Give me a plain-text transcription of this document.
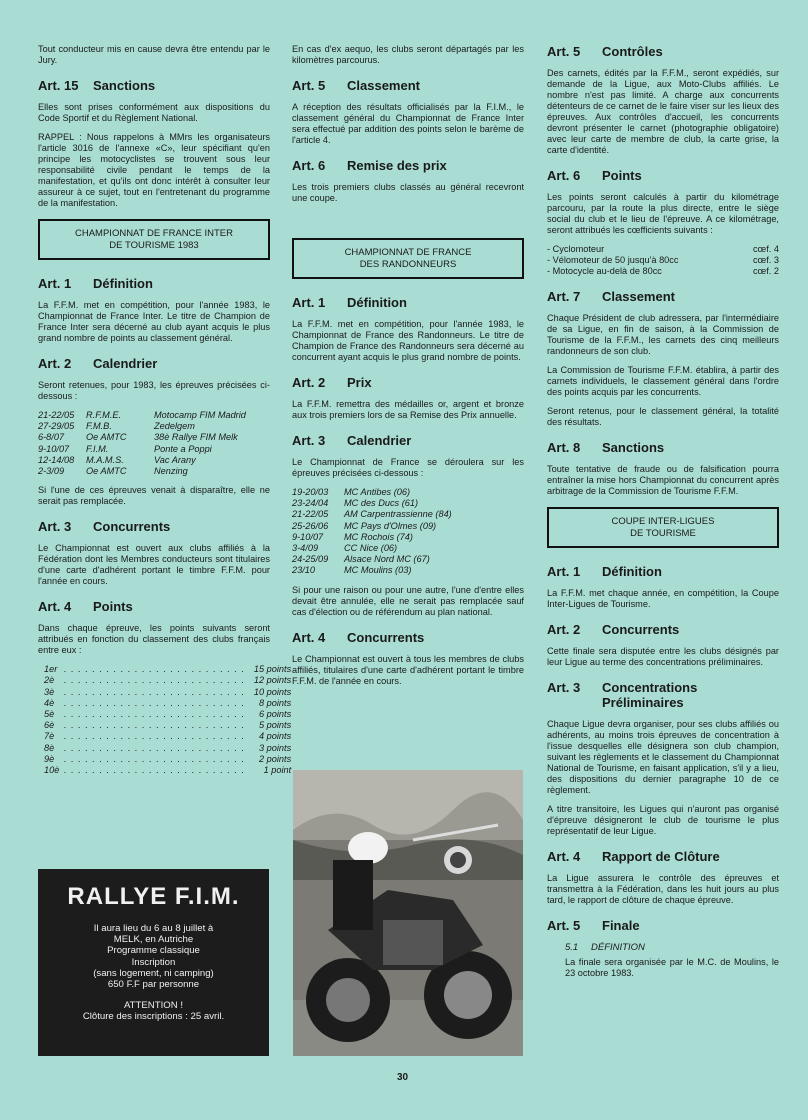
Tout conducteur mis en cause devra être entendu par le Jury.

Art. 15	Sanctions

Elles sont prises conformément aux dispositions du Code Sportif et du Règlement National.

RAPPEL : Nous rappelons à MMrs les organisateurs l'article 3016 de l'annexe «C», leur spécifiant qu'en principe les motocyclistes se trouvent sous leur responsabilité civile pendant le temps de la manifestation, et qu'ils ont donc intérêt à consulter leur assureur à ce sujet, tout en l'entretenant du programme de la manifestation.

CHAMPIONNAT DE FRANCE INTER
DE TOURISME 1983
Art. 1	Définition

La F.F.M. met en compétition, pour l'année 1983, le Championnat de France Inter. Le titre de Champion de France Inter sera décerné au club ayant acquis le plus grand nombre de points au classement général.

Art. 2	Calendrier

Seront retenues, pour 1983, les épreuves précisées ci-dessous :

21-22/05	R.F.M.E.	Motocamp FIM Madrid
27-29/05	F.M.B.	Zedelgem
6-8/07	Oe AMTC	38è Rallye FIM Melk
9-10/07	F.I.M.	Ponte a Poppi
12-14/08	M.A.M.S.	Vac Arany
2-3/09	Oe AMTC	Nenzing

Si l'une de ces épreuves venait à disparaître, elle ne serait pas remplacée.

Art. 3	Concurrents

Le Championnat est ouvert aux clubs affiliés à la Fédération dont les Membres conducteurs sont titulaires d'une carte d'adhérent portant le timbre F.F.M. pour l'année en cours.

Art. 4	Points

Dans chaque épreuve, les points suivants seront attribués en fonction du classement des clubs français entre eux :

1er . . . . . . . . . . . . . . . . . . . . . . . . . . 15 points
2è	. . . . . . . . . . . . . . . . . . . . . . . . . . 12 points
3è	. . . . . . . . . . . . . . . . . . . . . . . . . . 10 points
4è	. . . . . . . . . . . . . . . . . . . . . . . . . .	8 points
5è	. . . . . . . . . . . . . . . . . . . . . . . . . .	6 points
6è	. . . . . . . . . . . . . . . . . . . . . . . . . .	5 points
7è	. . . . . . . . . . . . . . . . . . . . . . . . . .	4 points
8è	. . . . . . . . . . . . . . . . . . . . . . . . . .	3 points
9è	. . . . . . . . . . . . . . . . . . . . . . . . . .	2 points
10è . . . . . . . . . . . . . . . . . . . . . . . . . .	1 point
RALLYE F.I.M.
Il aura lieu du 6 au 8 juillet à
MELK, en Autriche
Programme classique
Inscription
(sans logement, ni camping)
650 F.F par personne
ATTENTION !
Clôture des inscriptions : 25 avril.

En cas d'ex aequo, les clubs seront départagés par les kilomètres parcourus.

Art. 5	Classement

A réception des résultats officialisés par la F.I.M., le classement général du Championnat de France Inter sera effectué par addition des points selon le barème de l'article 4.

Art. 6	Remise des prix

Les trois premiers clubs classés au général recevront une coupe.

CHAMPIONNAT DE FRANCE
DES RANDONNEURS
Art. 1	Définition

La F.F.M. met en compétition, pour l'année 1983, le Championnat de France des Randonneurs. Le titre de Champion de France des Randonneurs sera décerné au concurrent ayant acquis le plus grand nombre de points.

Art. 2	Prix

La F.F.M. remettra des médailles or, argent et bronze aux trois premiers lors de sa Remise des Prix annuelle.

Art. 3	Calendrier

Le Championnat de France se déroulera sur les épreuves précisées ci-dessous :

19-20/03	MC Antibes (06)
23-24/04	MC des Ducs (61)
21-22/05	AM Carpentrassienne (84)
25-26/06	MC Pays d'Olmes (09)
9-10/07	MC Rochois (74)
3-4/09	CC Nice (06)
24-25/09	Alsace Nord MC (67)
23/10	MC Moulins (03)

Si pour une raison ou pour une autre, l'une d'entre elles devait être annulée, elle ne serait pas remplacée sauf cas d'élection ou de référendum au plan national.

Art. 4	Concurrents

Le Championnat est ouvert à tous les membres de clubs affiliés, titulaires d'une carte d'adhérent portant le timbre F.F.M. de l'année en cours.

Art. 5	Contrôles

Des carnets, édités par la F.F.M., seront expédiés, sur demande de la Ligue, aux Moto-Clubs affiliés. Le nombre n'est pas limité. A charge aux concurrents détenteurs de ce carnet de le faire viser sur les lieux des épreuves. Aux contrôles d'accueil, les concurrents devront présenter le carnet (photographie obligatoire) avec leur carte de membre de club, la carte grise, la carte d'identité.

Art. 6	Points

Les points seront calculés à partir du kilométrage parcouru, par la route la plus directe, entre le siège social du club et le lieu de l'épreuve. A ce kilométrage, seront attribués les cœfficients suivants :

- Cyclomoteur	cœf. 4
- Vélomoteur de 50 jusqu'à 80cc	cœf. 3
- Motocycle au-delà de 80cc	cœf. 2
Art. 7	Classement

Chaque Président de club adressera, par l'intermédiaire de sa Ligue, en fin de saison, à la Commission de Tourisme de la F.F.M., les carnets des cinq meilleurs randonneurs de son club.

La Commission de Tourisme F.F.M. établira, à partir des carnets individuels, le classement général dans l'ordre des points acquis par les concurrents.

Seront retenus, pour le classement général, la totalité des résultats.

Art. 8	Sanctions

Toute tentative de fraude ou de falsification pourra entraîner la mise hors Championnat du concurrent après arbitrage de la Commission de Tourisme F.F.M.

COUPE INTER-LIGUES
DE TOURISME
Art. 1	Définition

La F.F.M. met chaque année, en compétition, la Coupe Inter-Ligues de Tourisme.

Art. 2	Concurrents

Cette finale sera disputée entre les clubs désignés par leur Ligue au terme des concentrations préliminaires.

Art. 3	Concentrations Préliminaires

Chaque Ligue devra organiser, pour ses clubs affiliés ou adhérents, au moins trois épreuves de concentration à l'issue desquelles elle désignera son club champion, suivant les règlements et le classement du Championnat National de Tourisme, en faisant application, s'il y a lieu, des dispositions du dernier paragraphe 10 de ce règlement.

A titre transitoire, les Ligues qui n'auront pas organisé d'épreuve désigneront le club de tourisme le plus représentatif de leur Ligue.

Art. 4	Rapport de Clôture

La Ligue assurera le contrôle des épreuves et transmettra à la Fédération, dans les huit jours au plus tard, le rapport de clôture de chaque épreuve.

Art. 5	Finale
5.1 DÉFINITION

La finale sera organisée par le M.C. de Moulins, le 23 octobre 1983.

30
